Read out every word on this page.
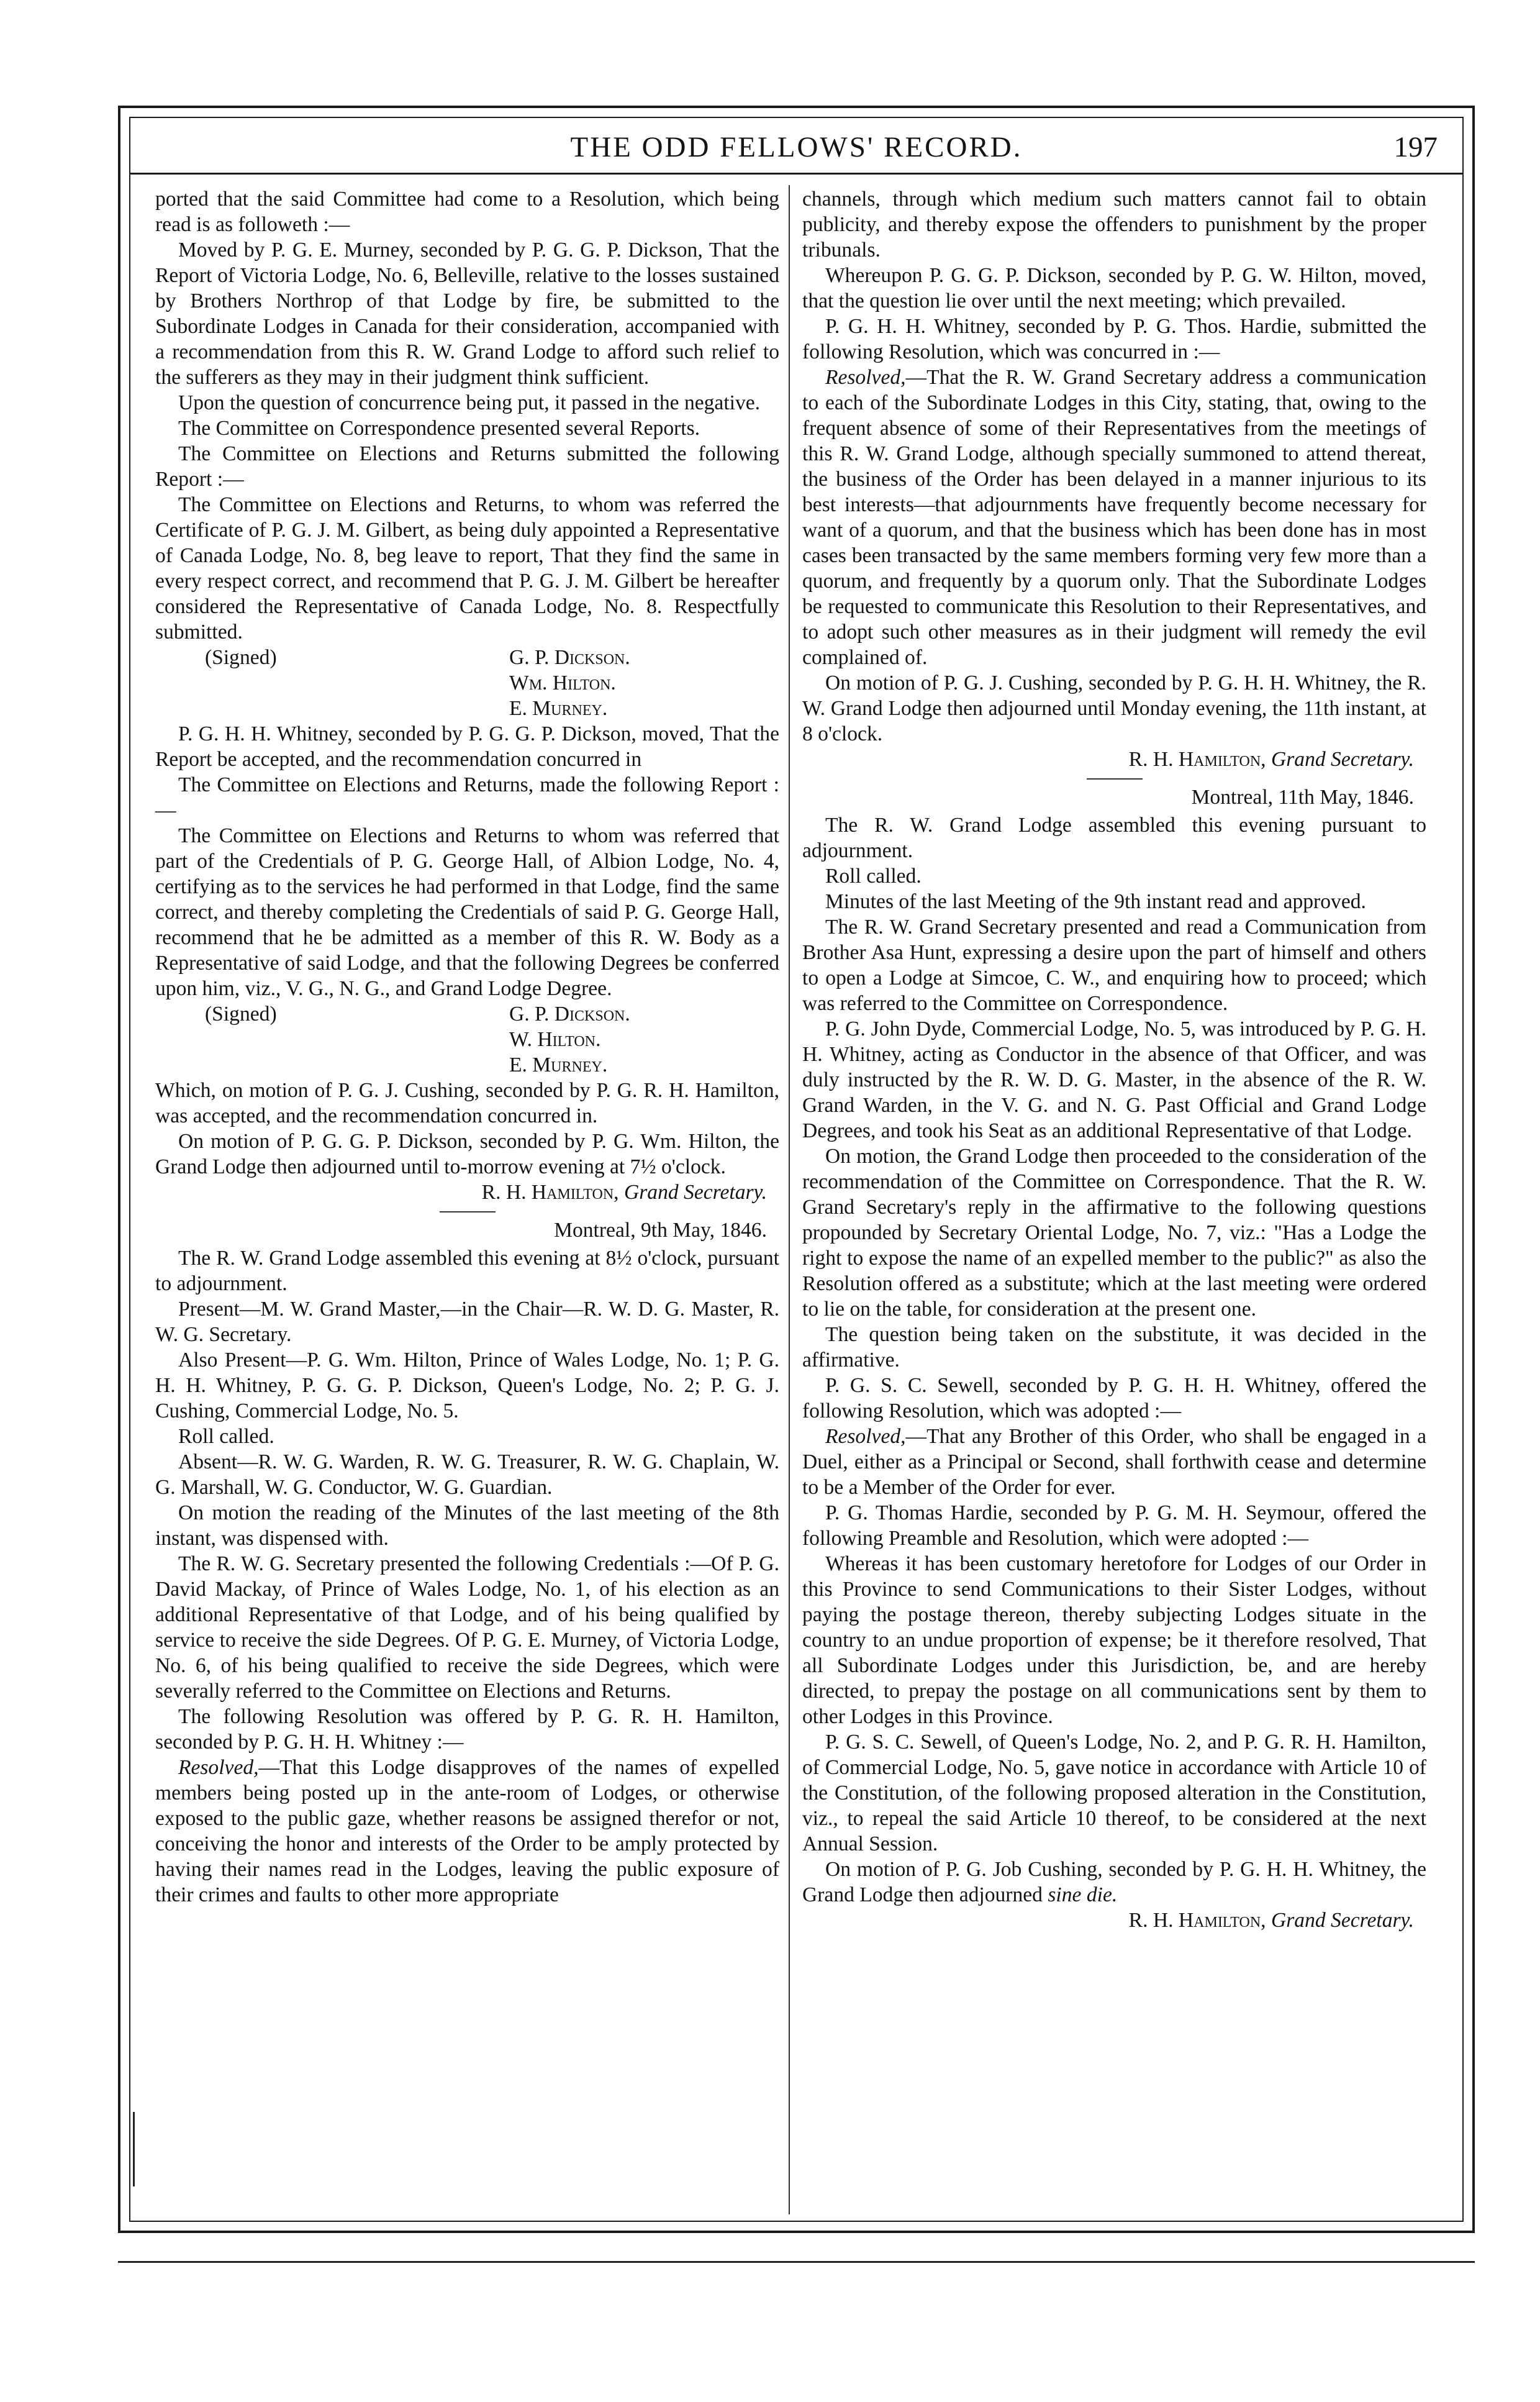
THE ODD FELLOWS' RECORD.	197

ported that the said Committee had come to a Resolution, which being read is as followeth :—

Moved by P. G. E. Murney, seconded by P. G. G. P. Dickson, That the Report of Victoria Lodge, No. 6, Belleville, relative to the losses sustained by Brothers Northrop of that Lodge by fire, be submitted to the Subordinate Lodges in Canada for their consideration, accompanied with a recommendation from this R. W. Grand Lodge to afford such relief to the sufferers as they may in their judgment think sufficient.

Upon the question of concurrence being put, it passed in the negative.

The Committee on Correspondence presented several Reports.

The Committee on Elections and Returns submitted the following Report :—

The Committee on Elections and Returns, to whom was referred the Certificate of P. G. J. M. Gilbert, as being duly appointed a Representative of Canada Lodge, No. 8, beg leave to report, That they find the same in every respect correct, and recommend that P. G. J. M. Gilbert be hereafter considered the Representative of Canada Lodge, No. 8. Respectfully submitted.

(Signed)	G. P. Dickson.
Wm. Hilton.
E. Murney.

P. G. H. H. Whitney, seconded by P. G. G. P. Dickson, moved, That the Report be accepted, and the recommendation concurred in

The Committee on Elections and Returns, made the following Report :—

The Committee on Elections and Returns to whom was referred that part of the Credentials of P. G. George Hall, of Albion Lodge, No. 4, certifying as to the services he had performed in that Lodge, find the same correct, and thereby completing the Credentials of said P. G. George Hall, recommend that he be admitted as a member of this R. W. Body as a Representative of said Lodge, and that the following Degrees be conferred upon him, viz., V. G., N. G., and Grand Lodge Degree.

(Signed)	G. P. Dickson.
W. Hilton.
E. Murney.

Which, on motion of P. G. J. Cushing, seconded by P. G. R. H. Hamilton, was accepted, and the recommendation concurred in.

On motion of P. G. G. P. Dickson, seconded by P. G. Wm. Hilton, the Grand Lodge then adjourned until to-morrow evening at 7½ o'clock.

R. H. Hamilton, Grand Secretary.
Montreal, 9th May, 1846.

The R. W. Grand Lodge assembled this evening at 8½ o'clock, pursuant to adjournment.

Present—M. W. Grand Master,—in the Chair—R. W. D. G. Master, R. W. G. Secretary.

Also Present—P. G. Wm. Hilton, Prince of Wales Lodge, No. 1; P. G. H. H. Whitney, P. G. G. P. Dickson, Queen's Lodge, No. 2; P. G. J. Cushing, Commercial Lodge, No. 5.

Roll called.

Absent—R. W. G. Warden, R. W. G. Treasurer, R. W. G. Chaplain, W. G. Marshall, W. G. Conductor, W. G. Guardian.

On motion the reading of the Minutes of the last meeting of the 8th instant, was dispensed with.

The R. W. G. Secretary presented the following Credentials :—Of P. G. David Mackay, of Prince of Wales Lodge, No. 1, of his election as an additional Representative of that Lodge, and of his being qualified by service to receive the side Degrees. Of P. G. E. Murney, of Victoria Lodge, No. 6, of his being qualified to receive the side Degrees, which were severally referred to the Committee on Elections and Returns.

The following Resolution was offered by P. G. R. H. Hamilton, seconded by P. G. H. H. Whitney :—

Resolved,—That this Lodge disapproves of the names of expelled members being posted up in the ante-room of Lodges, or otherwise exposed to the public gaze, whether reasons be assigned therefor or not, conceiving the honor and interests of the Order to be amply protected by having their names read in the Lodges, leaving the public exposure of their crimes and faults to other more appropriate

channels, through which medium such matters cannot fail to obtain publicity, and thereby expose the offenders to punishment by the proper tribunals.

Whereupon P. G. G. P. Dickson, seconded by P. G. W. Hilton, moved, that the question lie over until the next meeting; which prevailed.

P. G. H. H. Whitney, seconded by P. G. Thos. Hardie, submitted the following Resolution, which was concurred in :—

Resolved,—That the R. W. Grand Secretary address a communication to each of the Subordinate Lodges in this City, stating, that, owing to the frequent absence of some of their Representatives from the meetings of this R. W. Grand Lodge, although specially summoned to attend thereat, the business of the Order has been delayed in a manner injurious to its best interests—that adjournments have frequently become necessary for want of a quorum, and that the business which has been done has in most cases been transacted by the same members forming very few more than a quorum, and frequently by a quorum only. That the Subordinate Lodges be requested to communicate this Resolution to their Representatives, and to adopt such other measures as in their judgment will remedy the evil complained of.

On motion of P. G. J. Cushing, seconded by P. G. H. H. Whitney, the R. W. Grand Lodge then adjourned until Monday evening, the 11th instant, at 8 o'clock.

R. H. Hamilton, Grand Secretary.
Montreal, 11th May, 1846.

The R. W. Grand Lodge assembled this evening pursuant to adjournment.

Roll called.

Minutes of the last Meeting of the 9th instant read and approved.

The R. W. Grand Secretary presented and read a Communication from Brother Asa Hunt, expressing a desire upon the part of himself and others to open a Lodge at Simcoe, C. W., and enquiring how to proceed; which was referred to the Committee on Correspondence.

P. G. John Dyde, Commercial Lodge, No. 5, was introduced by P. G. H. H. Whitney, acting as Conductor in the absence of that Officer, and was duly instructed by the R. W. D. G. Master, in the absence of the R. W. Grand Warden, in the V. G. and N. G. Past Official and Grand Lodge Degrees, and took his Seat as an additional Representative of that Lodge.

On motion, the Grand Lodge then proceeded to the consideration of the recommendation of the Committee on Correspondence. That the R. W. Grand Secretary's reply in the affirmative to the following questions propounded by Secretary Oriental Lodge, No. 7, viz.: "Has a Lodge the right to expose the name of an expelled member to the public?" as also the Resolution offered as a substitute; which at the last meeting were ordered to lie on the table, for consideration at the present one.

The question being taken on the substitute, it was decided in the affirmative.

P. G. S. C. Sewell, seconded by P. G. H. H. Whitney, offered the following Resolution, which was adopted :—

Resolved,—That any Brother of this Order, who shall be engaged in a Duel, either as a Principal or Second, shall forthwith cease and determine to be a Member of the Order for ever.

P. G. Thomas Hardie, seconded by P. G. M. H. Seymour, offered the following Preamble and Resolution, which were adopted :—

Whereas it has been customary heretofore for Lodges of our Order in this Province to send Communications to their Sister Lodges, without paying the postage thereon, thereby subjecting Lodges situate in the country to an undue proportion of expense; be it therefore resolved, That all Subordinate Lodges under this Jurisdiction, be, and are hereby directed, to prepay the postage on all communications sent by them to other Lodges in this Province.

P. G. S. C. Sewell, of Queen's Lodge, No. 2, and P. G. R. H. Hamilton, of Commercial Lodge, No. 5, gave notice in accordance with Article 10 of the Constitution, of the following proposed alteration in the Constitution, viz., to repeal the said Article 10 thereof, to be considered at the next Annual Session.

On motion of P. G. Job Cushing, seconded by P. G. H. H. Whitney, the Grand Lodge then adjourned sine die.

R. H. Hamilton, Grand Secretary.
